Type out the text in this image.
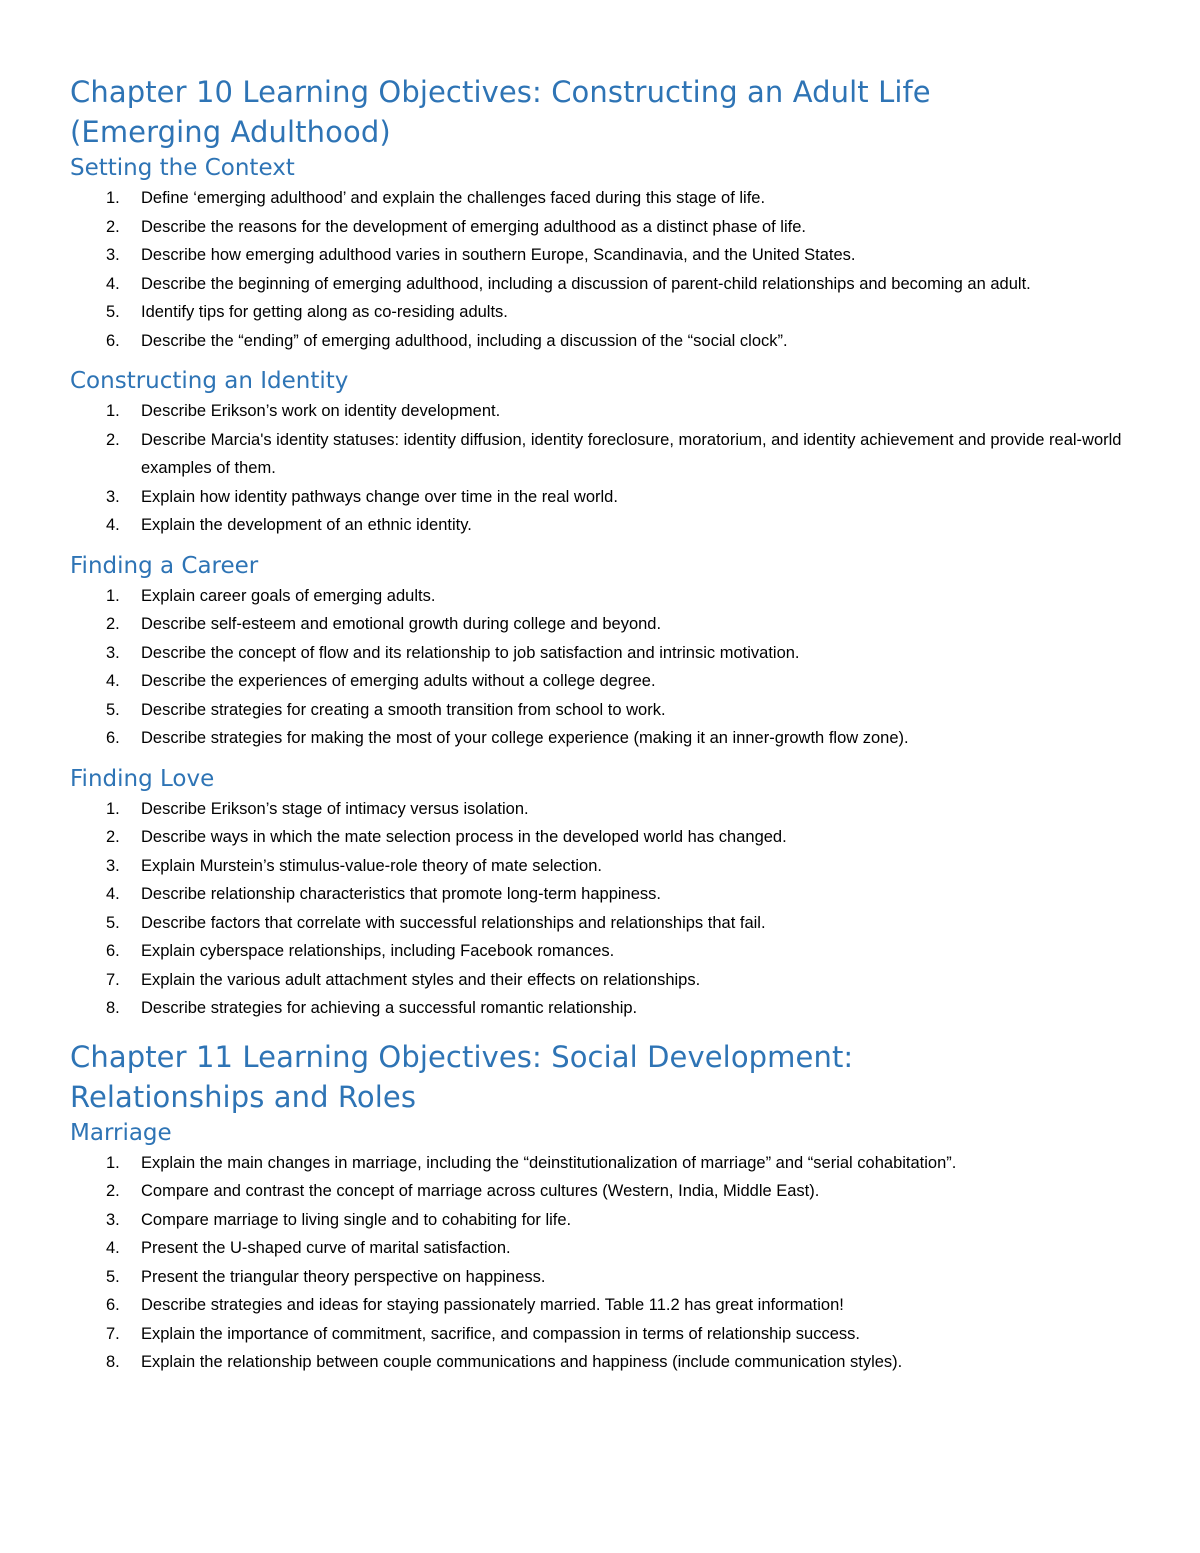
Chapter 10 Learning Objectives: Constructing an Adult Life
(Emerging Adulthood)
Setting the Context
1. Define ‘emerging adulthood’ and explain the challenges faced during this stage of life.
2. Describe the reasons for the development of emerging adulthood as a distinct phase of life.
3. Describe how emerging adulthood varies in southern Europe, Scandinavia, and the United States.
4. Describe the beginning of emerging adulthood, including a discussion of parent-child relationships and becoming an adult.
5. Identify tips for getting along as co-residing adults.
6. Describe the “ending” of emerging adulthood, including a discussion of the “social clock”.
Constructing an Identity
1. Describe Erikson’s work on identity development.
2. Describe Marcia's identity statuses: identity diffusion, identity foreclosure, moratorium, and identity achievement and provide real-world examples of them.
3. Explain how identity pathways change over time in the real world.
4. Explain the development of an ethnic identity.
Finding a Career
1. Explain career goals of emerging adults.
2. Describe self-esteem and emotional growth during college and beyond.
3. Describe the concept of flow and its relationship to job satisfaction and intrinsic motivation.
4. Describe the experiences of emerging adults without a college degree.
5. Describe strategies for creating a smooth transition from school to work.
6. Describe strategies for making the most of your college experience (making it an inner-growth flow zone).
Finding Love
1. Describe Erikson’s stage of intimacy versus isolation.
2. Describe ways in which the mate selection process in the developed world has changed.
3. Explain Murstein’s stimulus-value-role theory of mate selection.
4. Describe relationship characteristics that promote long-term happiness.
5. Describe factors that correlate with successful relationships and relationships that fail.
6. Explain cyberspace relationships, including Facebook romances.
7. Explain the various adult attachment styles and their effects on relationships.
8. Describe strategies for achieving a successful romantic relationship.
Chapter 11 Learning Objectives: Social Development:
Relationships and Roles
Marriage
1. Explain the main changes in marriage, including the “deinstitutionalization of marriage” and “serial cohabitation”.
2. Compare and contrast the concept of marriage across cultures (Western, India, Middle East).
3. Compare marriage to living single and to cohabiting for life.
4. Present the U-shaped curve of marital satisfaction.
5. Present the triangular theory perspective on happiness.
6. Describe strategies and ideas for staying passionately married. Table 11.2 has great information!
7. Explain the importance of commitment, sacrifice, and compassion in terms of relationship success.
8. Explain the relationship between couple communications and happiness (include communication styles).
